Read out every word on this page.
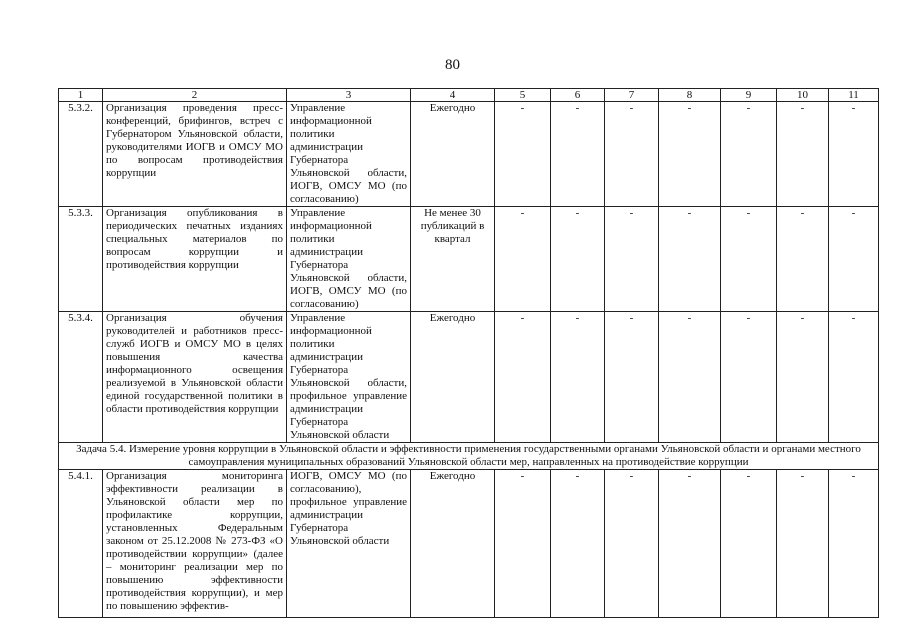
80
1	2	3	4	5	6	7	8	9	10	11
5.3.2.	Организация проведения пресс-конференций, брифингов, встреч с Губернатором Ульяновской области, руководителями ИОГВ и ОМСУ МО по вопросам противодействия коррупции	Управление информационной политики администрации Губернатора Ульяновской области, ИОГВ, ОМСУ МО (по согласованию)	Ежегодно	-	-	-	-	-	-	-
5.3.3.	Организация опубликования в периодических печатных изданиях специальных материалов по вопросам коррупции и противодействия коррупции	Управление информационной политики администрации Губернатора Ульяновской области, ИОГВ, ОМСУ МО (по согласованию)	Не менее 30 публикаций в квартал	-	-	-	-	-	-	-
5.3.4.	Организация обучения руководителей и работников пресс-служб ИОГВ и ОМСУ МО в целях повышения качества информационного освещения реализуемой в Ульяновской области единой государственной политики в области противодействия коррупции	Управление информационной политики администрации Губернатора Ульяновской области, профильное управление администрации Губернатора Ульяновской области	Ежегодно	-	-	-	-	-	-	-
Задача 5.4. Измерение уровня коррупции в Ульяновской области и эффективности применения государственными органами Ульяновской области и органами местного самоуправления муниципальных образований Ульяновской области мер, направленных на противодействие коррупции										
5.4.1.	Организация мониторинга эффективности реализации в Ульяновской области мер по профилактике коррупции, установленных Федеральным законом от 25.12.2008 № 273-ФЗ «О противодействии коррупции» (далее – мониторинг реализации мер по повышению эффективности противодействия коррупции), и мер по повышению эффектив-	ИОГВ, ОМСУ МО (по согласованию), профильное управление администрации Губернатора Ульяновской области	Ежегодно	-	-	-	-	-	-	-
